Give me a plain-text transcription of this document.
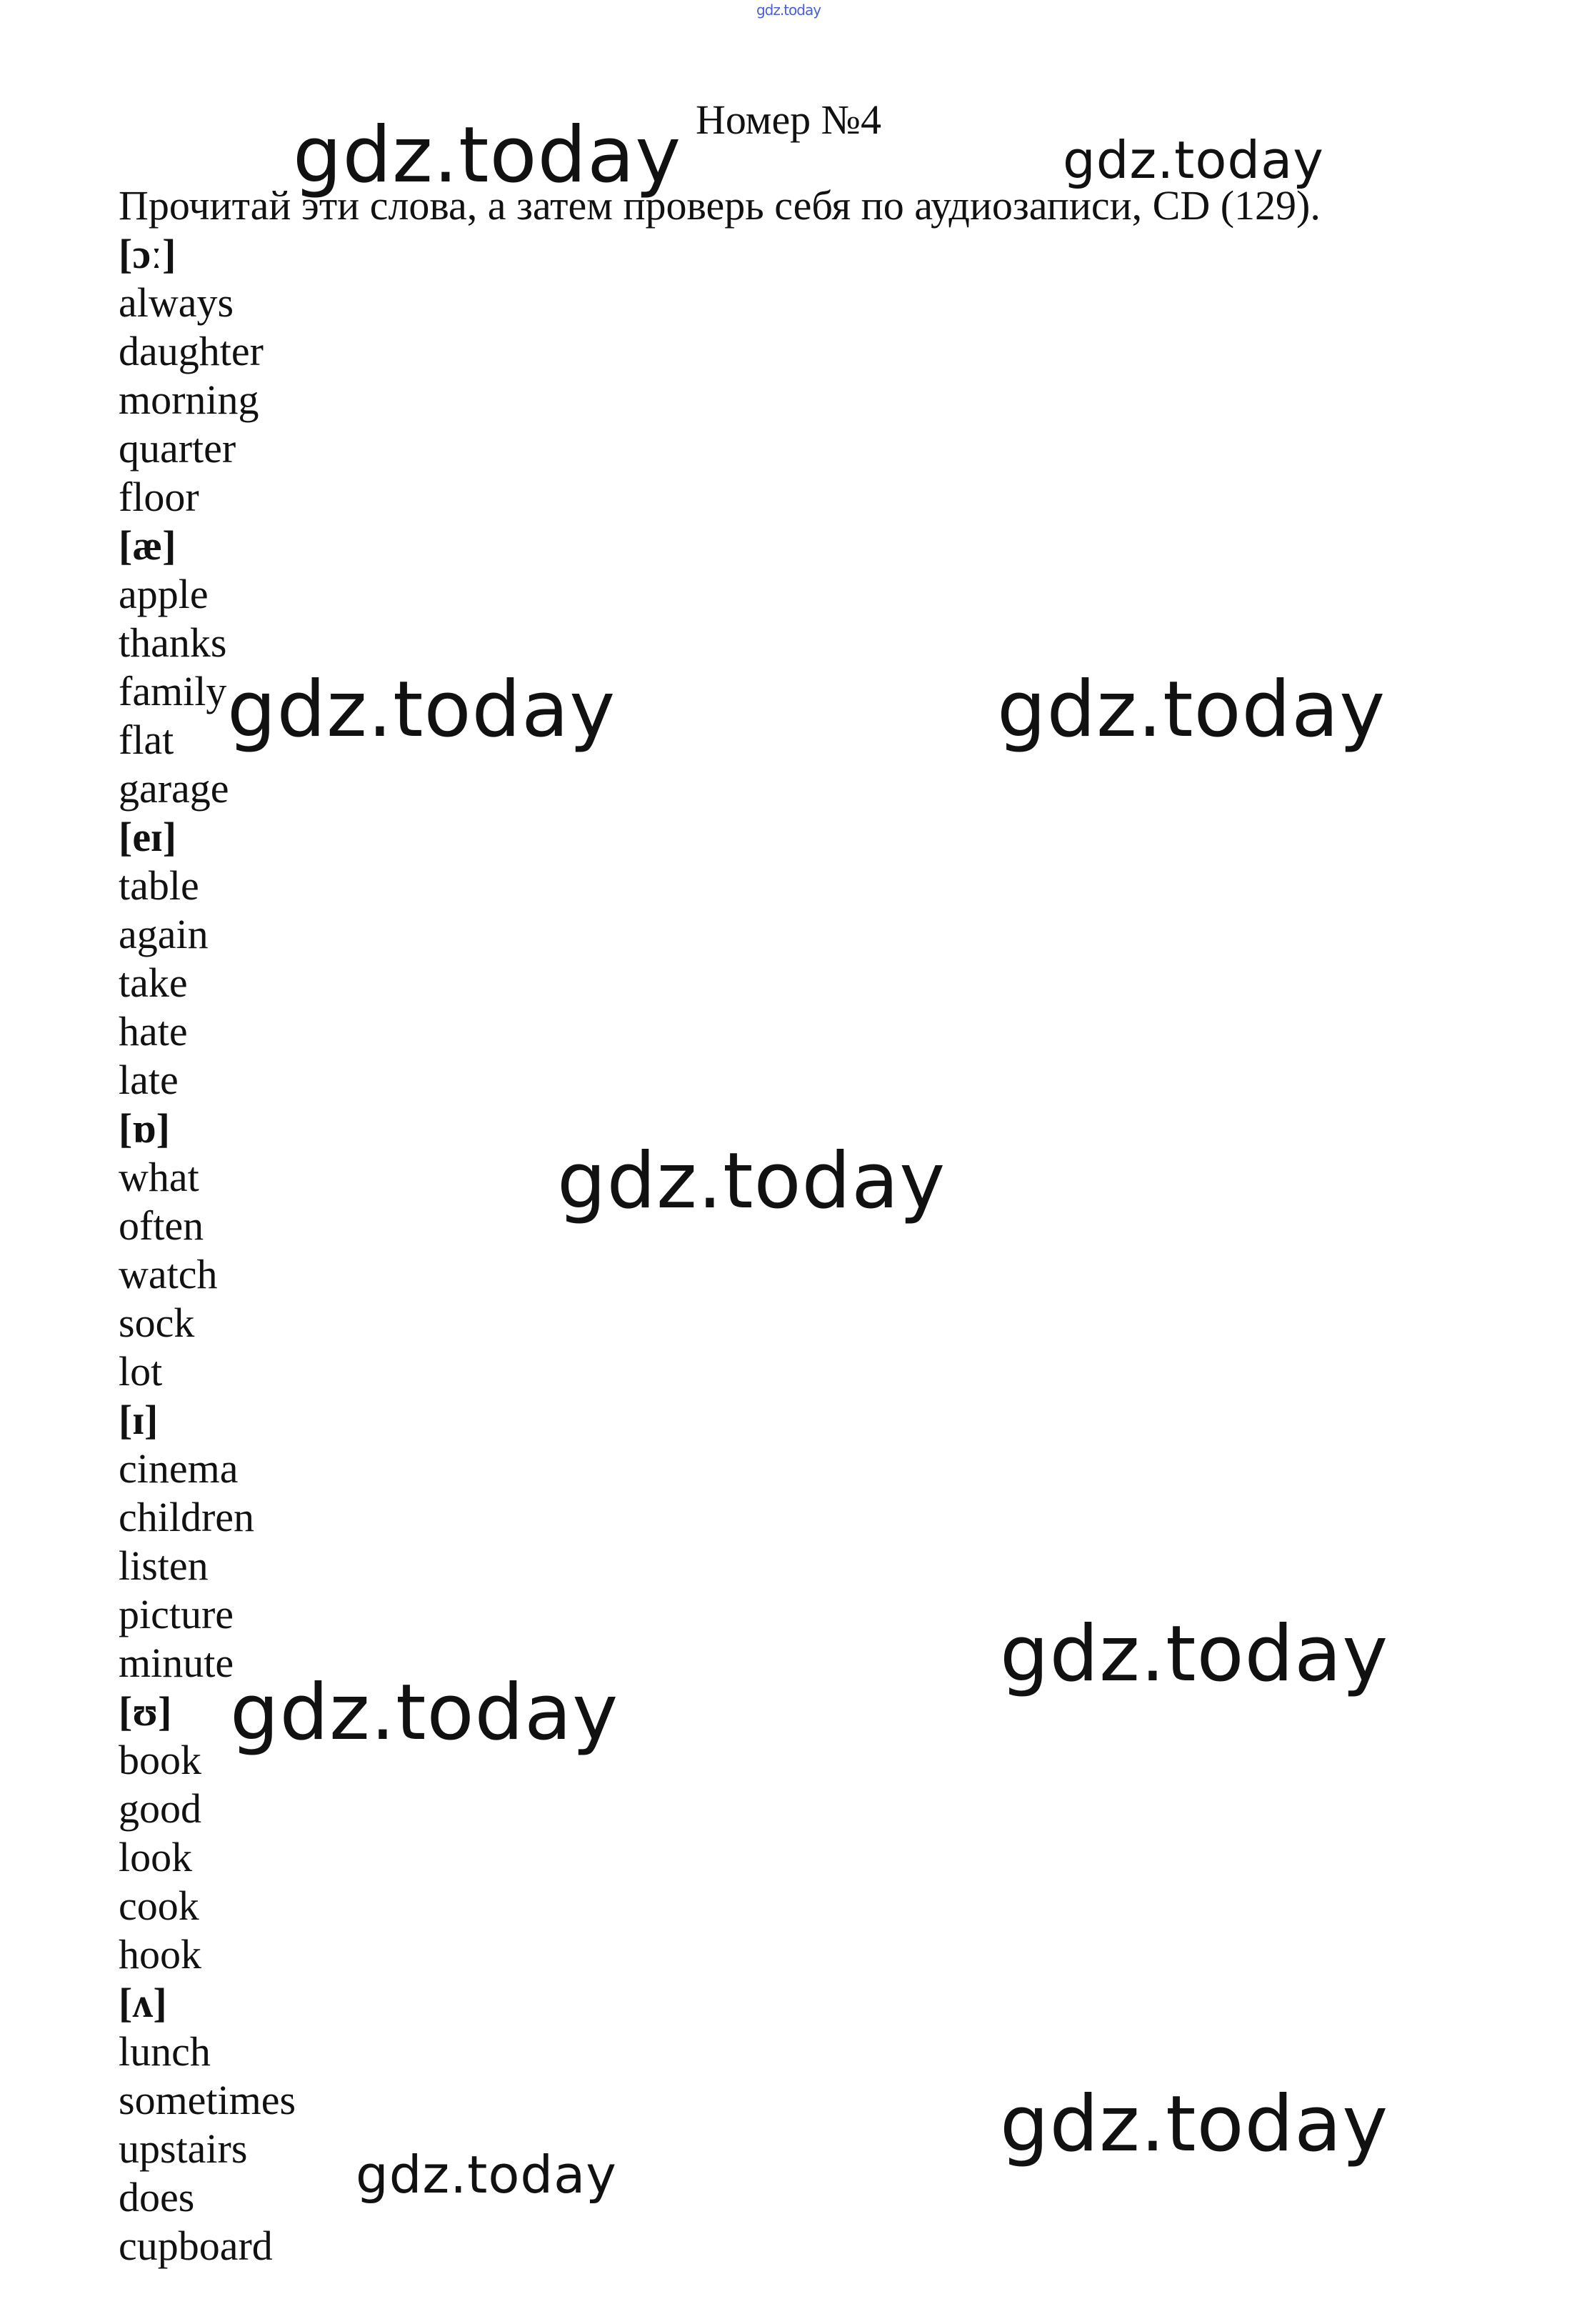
gdz.today
Номер №4
Прочитай эти слова, а затем проверь себя по аудиозаписи, CD (129).
[ɔː]
always
daughter
morning
quarter
floor
[æ]
apple
thanks
family
flat
garage
[eɪ]
table
again
take
hate
late
[ɒ]
what
often
watch
sock
lot
[ɪ]
cinema
children
listen
picture
minute
[ʊ]
book
good
look
cook
hook
[ʌ]
lunch
sometimes
upstairs
does
cupboard
gdz.today	gdz.today
gdz.today	gdz.today
gdz.today
gdz.today
gdz.today
gdz.today
gdz.today
